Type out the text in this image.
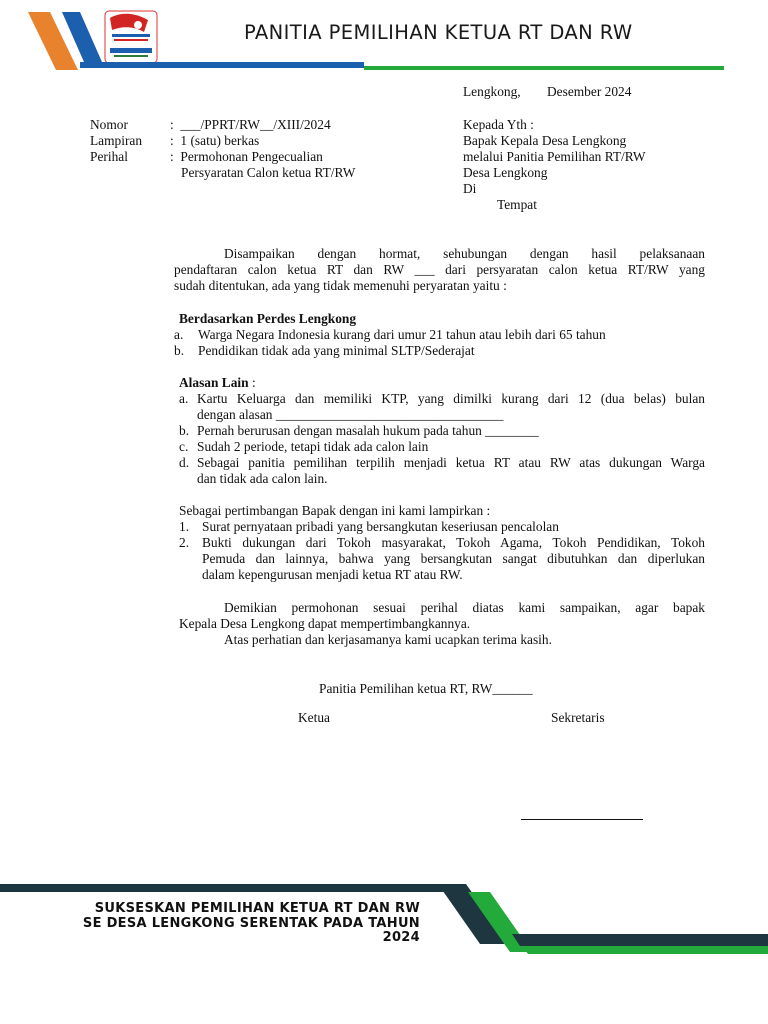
PANITIA PEMILIHAN KETUA RT DAN RW
Lengkong, Desember 2024
Nomor	:  ___/PPRT/RW__/XIII/2024
Lampiran :  1 (satu) berkas
Perihal	:  Permohonan Pengecualian
Persyaratan Calon ketua RT/RW
Kepada Yth :
Bapak Kepala Desa Lengkong
melalui Panitia Pemilihan RT/RW
Desa Lengkong
Di
Tempat
Disampaikan dengan hormat, sehubungan dengan hasil pelaksanaan
pendaftaran calon ketua RT dan RW ___ dari persyaratan calon ketua RT/RW yang
sudah ditentukan, ada yang tidak memenuhi peryaratan yaitu :
Berdasarkan Perdes Lengkong
a. Warga Negara Indonesia kurang dari umur 21 tahun atau lebih dari 65 tahun
b. Pendidikan tidak ada yang minimal SLTP/Sederajat
Alasan Lain :
a. Kartu Keluarga dan memiliki KTP, yang dimilki kurang dari 12 (dua belas) bulan
dengan alasan __________________________________
b. Pernah berurusan dengan masalah hukum pada tahun ________
c. Sudah 2 periode, tetapi tidak ada calon lain
d. Sebagai panitia pemilihan terpilih menjadi ketua RT atau RW atas dukungan Warga
dan tidak ada calon lain.
Sebagai pertimbangan Bapak dengan ini kami lampirkan :
1. Surat pernyataan pribadi yang bersangkutan keseriusan pencalolan
2. Bukti dukungan dari Tokoh masyarakat, Tokoh Agama, Tokoh Pendidikan, Tokoh
Pemuda dan lainnya, bahwa yang bersangkutan sangat dibutuhkan dan diperlukan
dalam kepengurusan menjadi ketua RT atau RW.
Demikian permohonan sesuai perihal diatas kami sampaikan, agar bapak
Kepala Desa Lengkong dapat mempertimbangkannya.
Atas perhatian dan kerjasamanya kami ucapkan terima kasih.
Panitia Pemilihan ketua RT, RW______
Ketua	Sekretaris
SUKSESKAN PEMILIHAN KETUA RT DAN RW
SE DESA LENGKONG SERENTAK PADA TAHUN
2024
